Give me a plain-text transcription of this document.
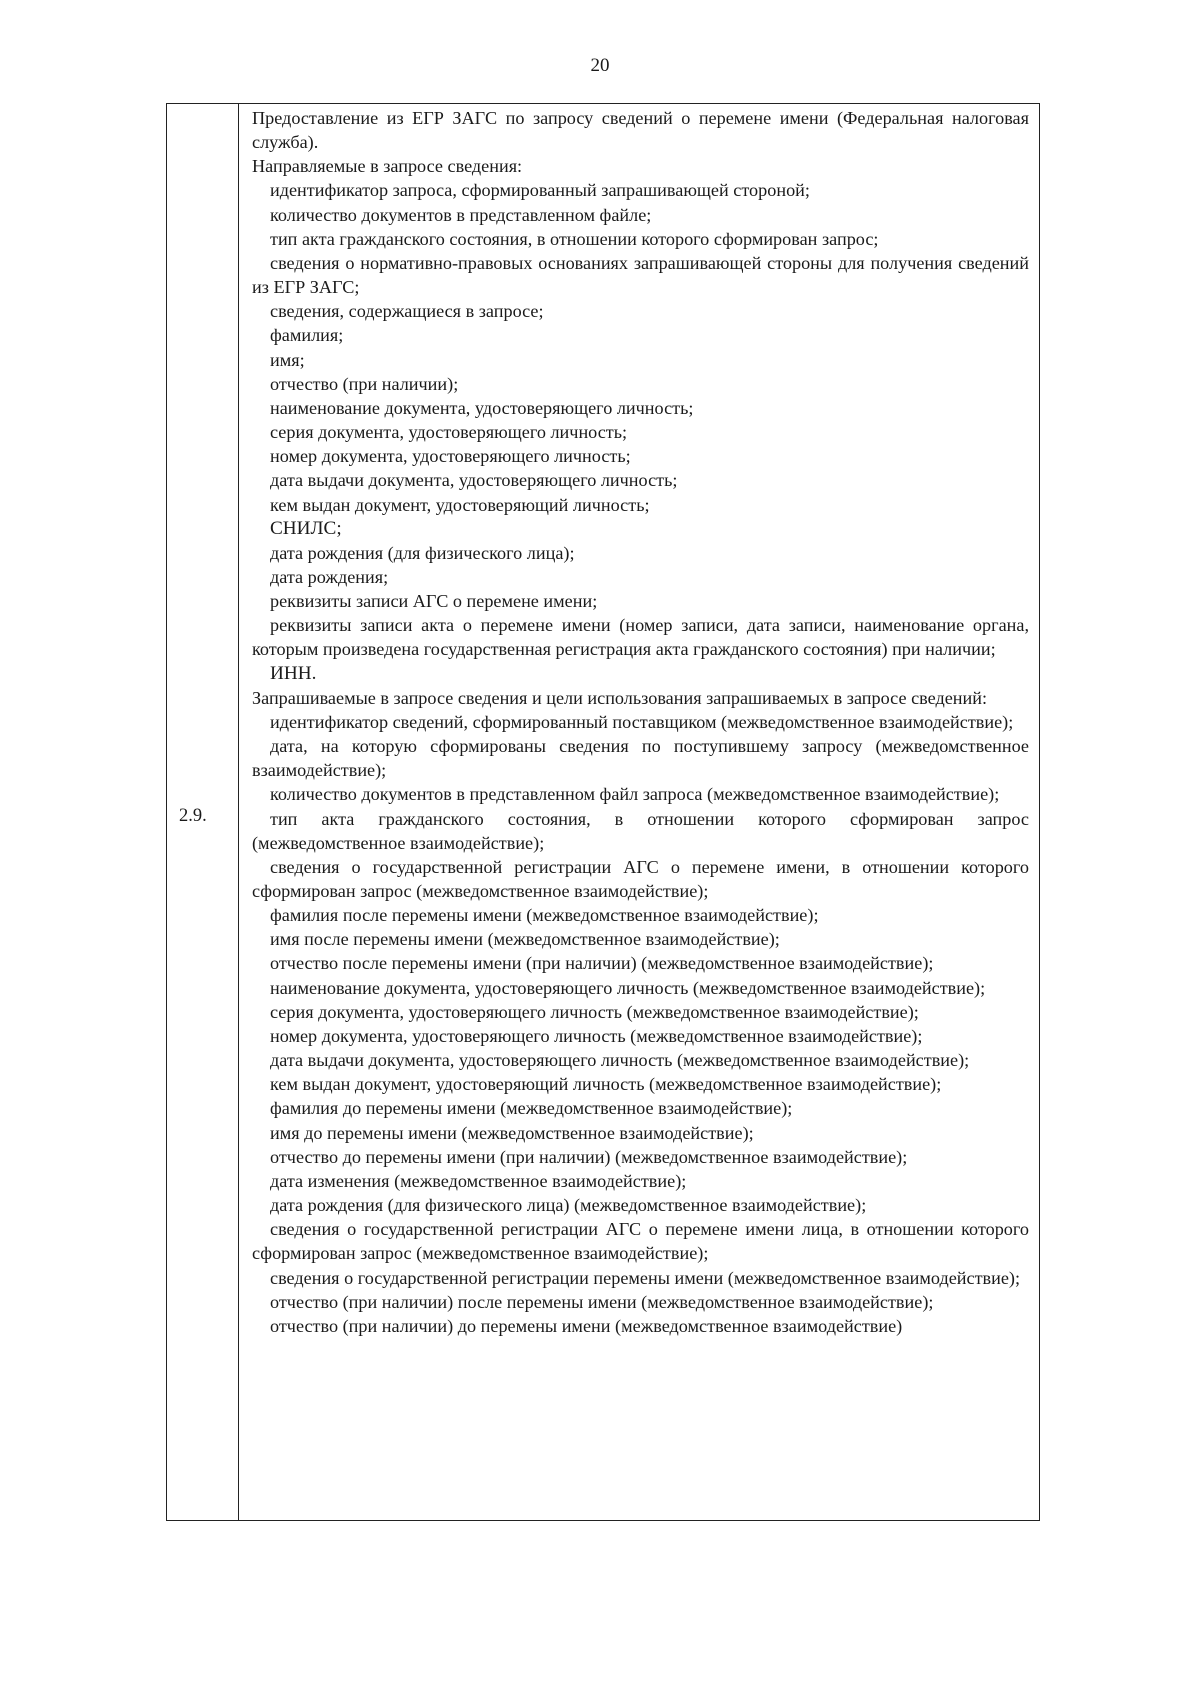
20
2.9.

Предоставление из ЕГР ЗАГС по запросу сведений о перемене имени (Федеральная налоговая служба).

Направляемые в запросе сведения:

идентификатор запроса, сформированный запрашивающей стороной;

количество документов в представленном файле;

тип акта гражданского состояния, в отношении которого сформирован запрос;

сведения о нормативно-правовых основаниях запрашивающей стороны для получения сведений из ЕГР ЗАГС;

сведения, содержащиеся в запросе;

фамилия;

имя;

отчество (при наличии);

наименование документа, удостоверяющего личность;

серия документа, удостоверяющего личность;

номер документа, удостоверяющего личность;

дата выдачи документа, удостоверяющего личность;

кем выдан документ, удостоверяющий личность;

СНИЛС;

дата рождения (для физического лица);

дата рождения;

реквизиты записи АГС о перемене имени;

реквизиты записи акта о перемене имени (номер записи, дата записи, наименование органа, которым произведена государственная регистрация акта гражданского состояния) при наличии;

ИНН.

Запрашиваемые в запросе сведения и цели использования запрашиваемых в запросе сведений:

идентификатор сведений, сформированный поставщиком (межведомственное взаимодействие);

дата, на которую сформированы сведения по поступившему запросу (межведомственное взаимодействие);

количество документов в представленном файл запроса (межведомственное взаимодействие);

тип акта гражданского состояния, в отношении которого сформирован запрос (межведомственное взаимодействие);

сведения о государственной регистрации АГС о перемене имени, в отношении которого сформирован запрос (межведомственное взаимодействие);

фамилия после перемены имени (межведомственное взаимодействие);

имя после перемены имени (межведомственное взаимодействие);

отчество после перемены имени (при наличии) (межведомственное взаимодействие);

наименование документа, удостоверяющего личность (межведомственное взаимодействие);

серия документа, удостоверяющего личность (межведомственное взаимодействие);

номер документа, удостоверяющего личность (межведомственное взаимодействие);

дата выдачи документа, удостоверяющего личность (межведомственное взаимодействие);

кем выдан документ, удостоверяющий личность (межведомственное взаимодействие);

фамилия до перемены имени (межведомственное взаимодействие);

имя до перемены имени (межведомственное взаимодействие);

отчество до перемены имени (при наличии) (межведомственное взаимодействие);

дата изменения (межведомственное взаимодействие);

дата рождения (для физического лица) (межведомственное взаимодействие);

сведения о государственной регистрации АГС о перемене имени лица, в отношении которого сформирован запрос (межведомственное взаимодействие);

сведения о государственной регистрации перемены имени (межведомственное взаимодействие);

отчество (при наличии) после перемены имени (межведомственное взаимодействие);

отчество (при наличии) до перемены имени (межведомственное взаимодействие)
